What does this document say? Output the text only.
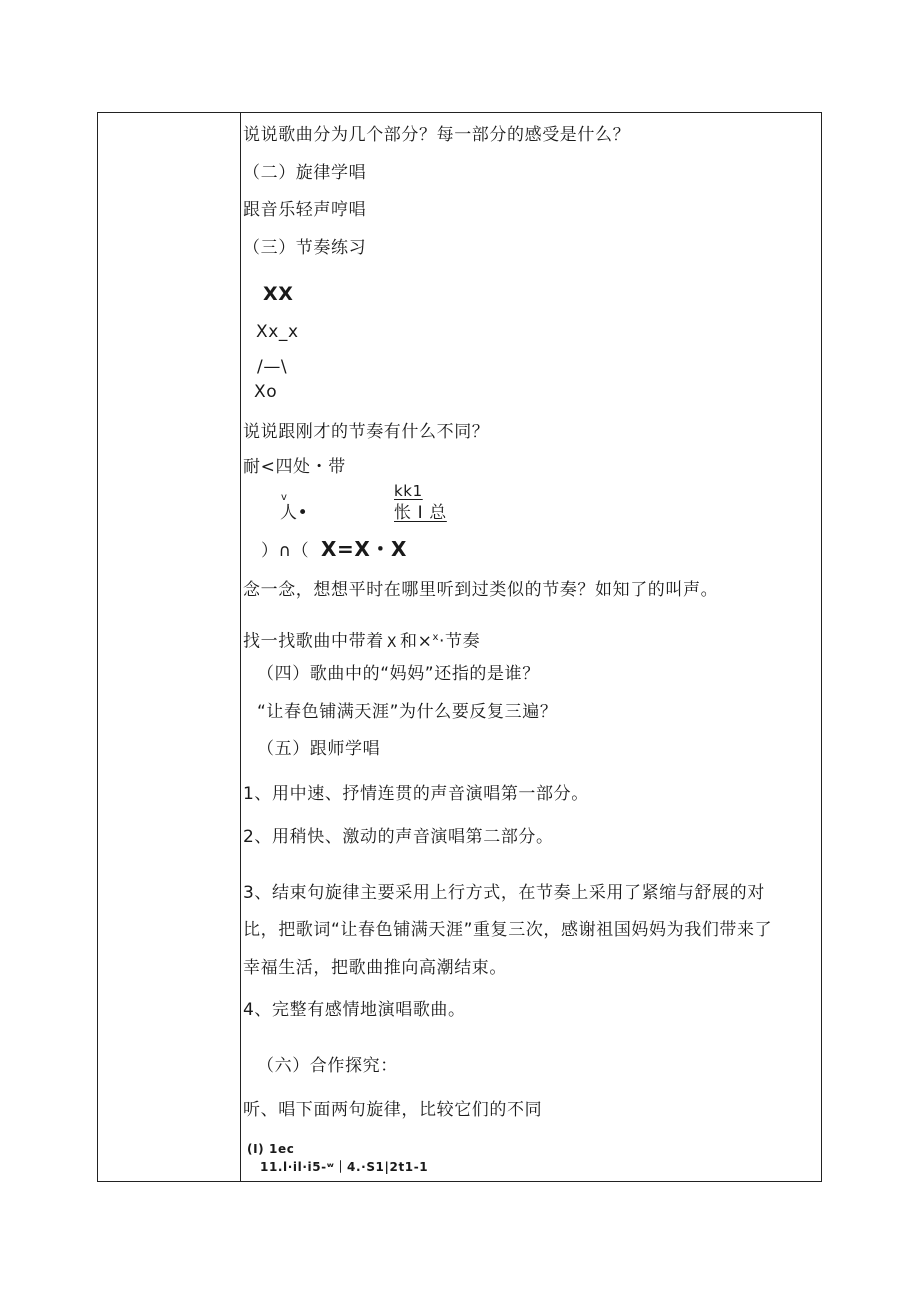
说说歌曲分为几个部分？每一部分的感受是什么？
（二）旋律学唱
跟音乐轻声哼唱
（三）节奏练习
XX
Xx_x
/—\
Xo
说说跟刚才的节奏有什么不同？
耐<四处・带
v	kk1
人•	怅 I 总
）∩（ X=X・X
念一念，想想平时在哪里听到过类似的节奏？如知了的叫声。
找一找歌曲中带着 X 和×$^x$·节奏
（四）歌曲中的“妈妈”还指的是谁？
“让春色铺满天涯”为什么要反复三遍？
（五）跟师学唱
1、用中速、抒情连贯的声音演唱第一部分。
2、用稍快、激动的声音演唱第二部分。
3、结束句旋律主要采用上行方式，在节奏上采用了紧缩与舒展的对
比，把歌词“让春色铺满天涯”重复三次，感谢祖国妈妈为我们带来了
幸福生活，把歌曲推向高潮结束。
4、完整有感情地演唱歌曲。
（六）合作探究：
听、唱下面两句旋律，比较它们的不同
(I) 1ec
11.l·il·i5-ʷ｜4.·S1|2t1-1
